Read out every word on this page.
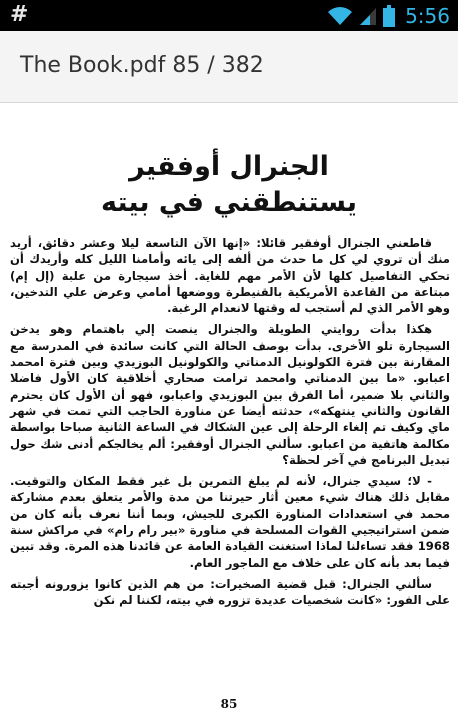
#	5:56
The Book.pdf 85 / 382
الجنرال أوفقير
يستنطقني في بيته

قاطعني الجنرال أوفقير قائلا: «إنها الآن التاسعة ليلا وعشر دقائق، أريد منك أن تروي لي كل ما حدث من ألفه إلى يائه وأمامنا الليل كله وأريدك أن تحكي التفاصيل كلها لأن الأمر مهم للغاية. أخذ سيجارة من علبة (إل إم) مبتاعة من القاعدة الأمريكية بالقنيطرة ووضعها أمامي وعرض علي التدخين، وهو الأمر الذي لم أستجب له وقتها لانعدام الرغبة.

هكذا بدأت روايتي الطويلة والجنرال ينصت إلي باهتمام وهو يدخن السيجارة تلو الأخرى. بدأت بوصف الحالة التي كانت سائدة في المدرسة مع المقارنة بين فترة الكولونيل الدمناتي والكولونيل البوزيدي وبين فترة امحمد اعبابو. «ما بين الدمناتي وامحمد ترامت صحاري أخلاقية كان الأول فاضلا والثاني بلا ضمير، أما الفرق بين البوزيدي واعبابو، فهو أن الأول كان يحترم القانون والثاني ينتهكه»، حدثته أيضا عن مناورة الحاجب التي تمت في شهر ماي وكيف تم إلغاء الرحلة إلى عين الشكاك في الساعة الثانية صباحا بواسطة مكالمة هاتفية من اعبابو. سألني الجنرال أوفقير: ألم يخالجكم أدنى شك حول تبديل البرنامج في آخر لحظة؟

- لا؛ سيدي جنرال، لأنه لم يبلغ التمرين بل غير فقط المكان والتوقيت. مقابل ذلك هناك شيء معين أثار حيرتنا من مدة والأمر يتعلق بعدم مشاركة محمد في استعدادات المناورة الكبرى للجيش، وبما أننا نعرف بأنه كان من ضمن استراتيجيي القوات المسلحة في مناورة «بير رام رام» في مراكش سنة 1968 فقد تساءلنا لماذا استغنت القيادة العامة عن قائدنا هذه المرة. وقد تبين فيما بعد بأنه كان على خلاف مع الماجور العام.

سألني الجنرال: قبل قضية الصخيرات: من هم الذين كانوا يزورونه أجبته على الفور: «كانت شخصيات عديدة تزوره في بيته، لكننا لم نكن

85
